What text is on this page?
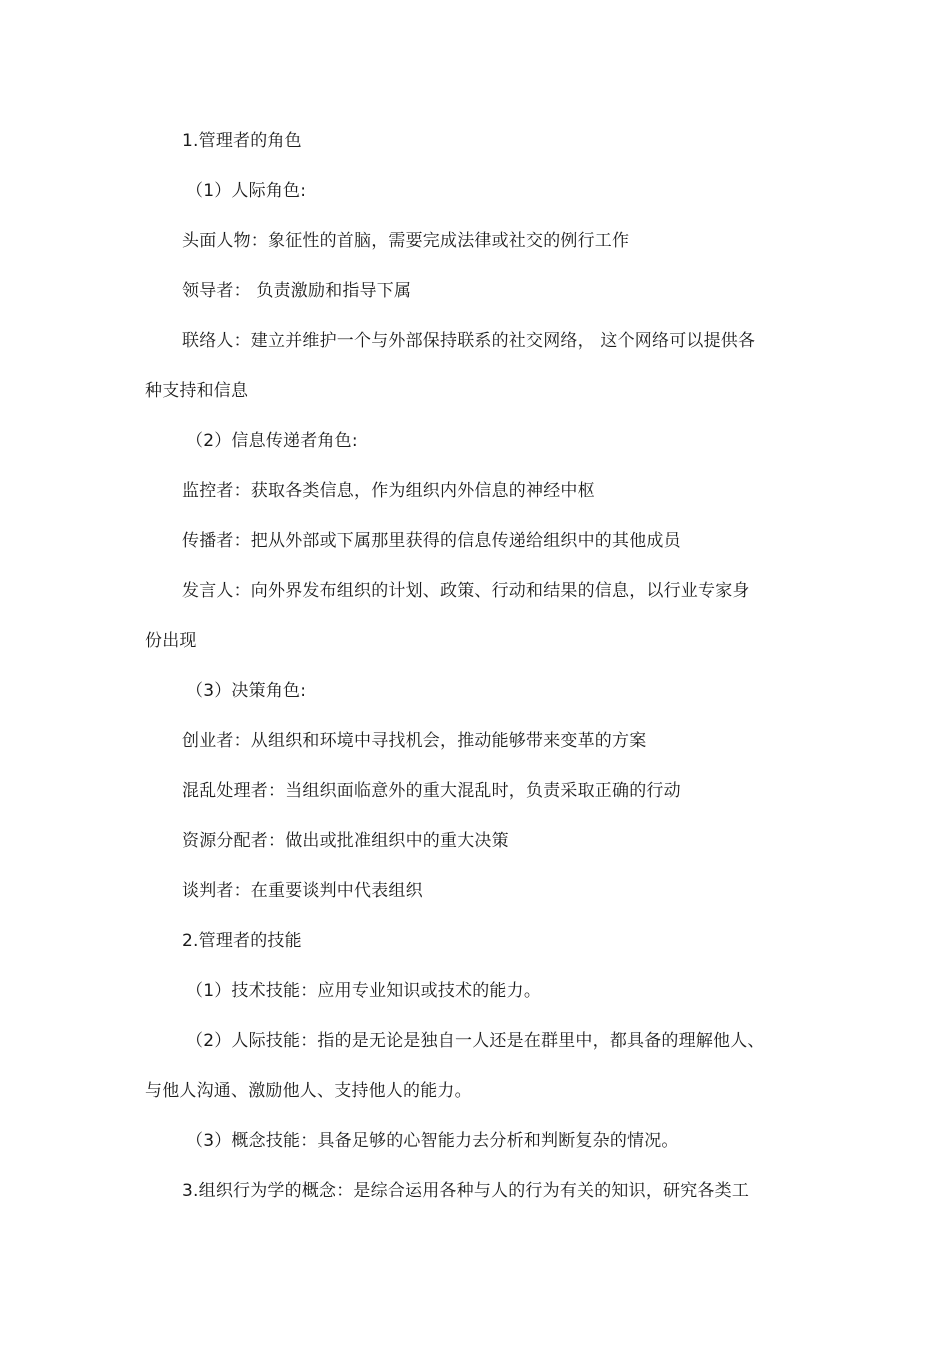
1.管理者的角色
（1）人际角色:
头面人物：象征性的首脑，需要完成法律或社交的例行工作
领导者： 负责激励和指导下属
联络人：建立并维护一个与外部保持联系的社交网络， 这个网络可以提供各
种支持和信息
（2）信息传递者角色:
监控者：获取各类信息，作为组织内外信息的神经中枢
传播者：把从外部或下属那里获得的信息传递给组织中的其他成员
发言人：向外界发布组织的计划、政策、行动和结果的信息，以行业专家身
份出现
（3）决策角色:
创业者：从组织和环境中寻找机会，推动能够带来变革的方案
混乱处理者：当组织面临意外的重大混乱时，负责采取正确的行动
资源分配者：做出或批准组织中的重大决策
谈判者：在重要谈判中代表组织
2.管理者的技能
（1）技术技能：应用专业知识或技术的能力。
（2）人际技能：指的是无论是独自一人还是在群里中，都具备的理解他人、
与他人沟通、激励他人、支持他人的能力。
（3）概念技能：具备足够的心智能力去分析和判断复杂的情况。
3.组织行为学的概念：是综合运用各种与人的行为有关的知识，研究各类工
